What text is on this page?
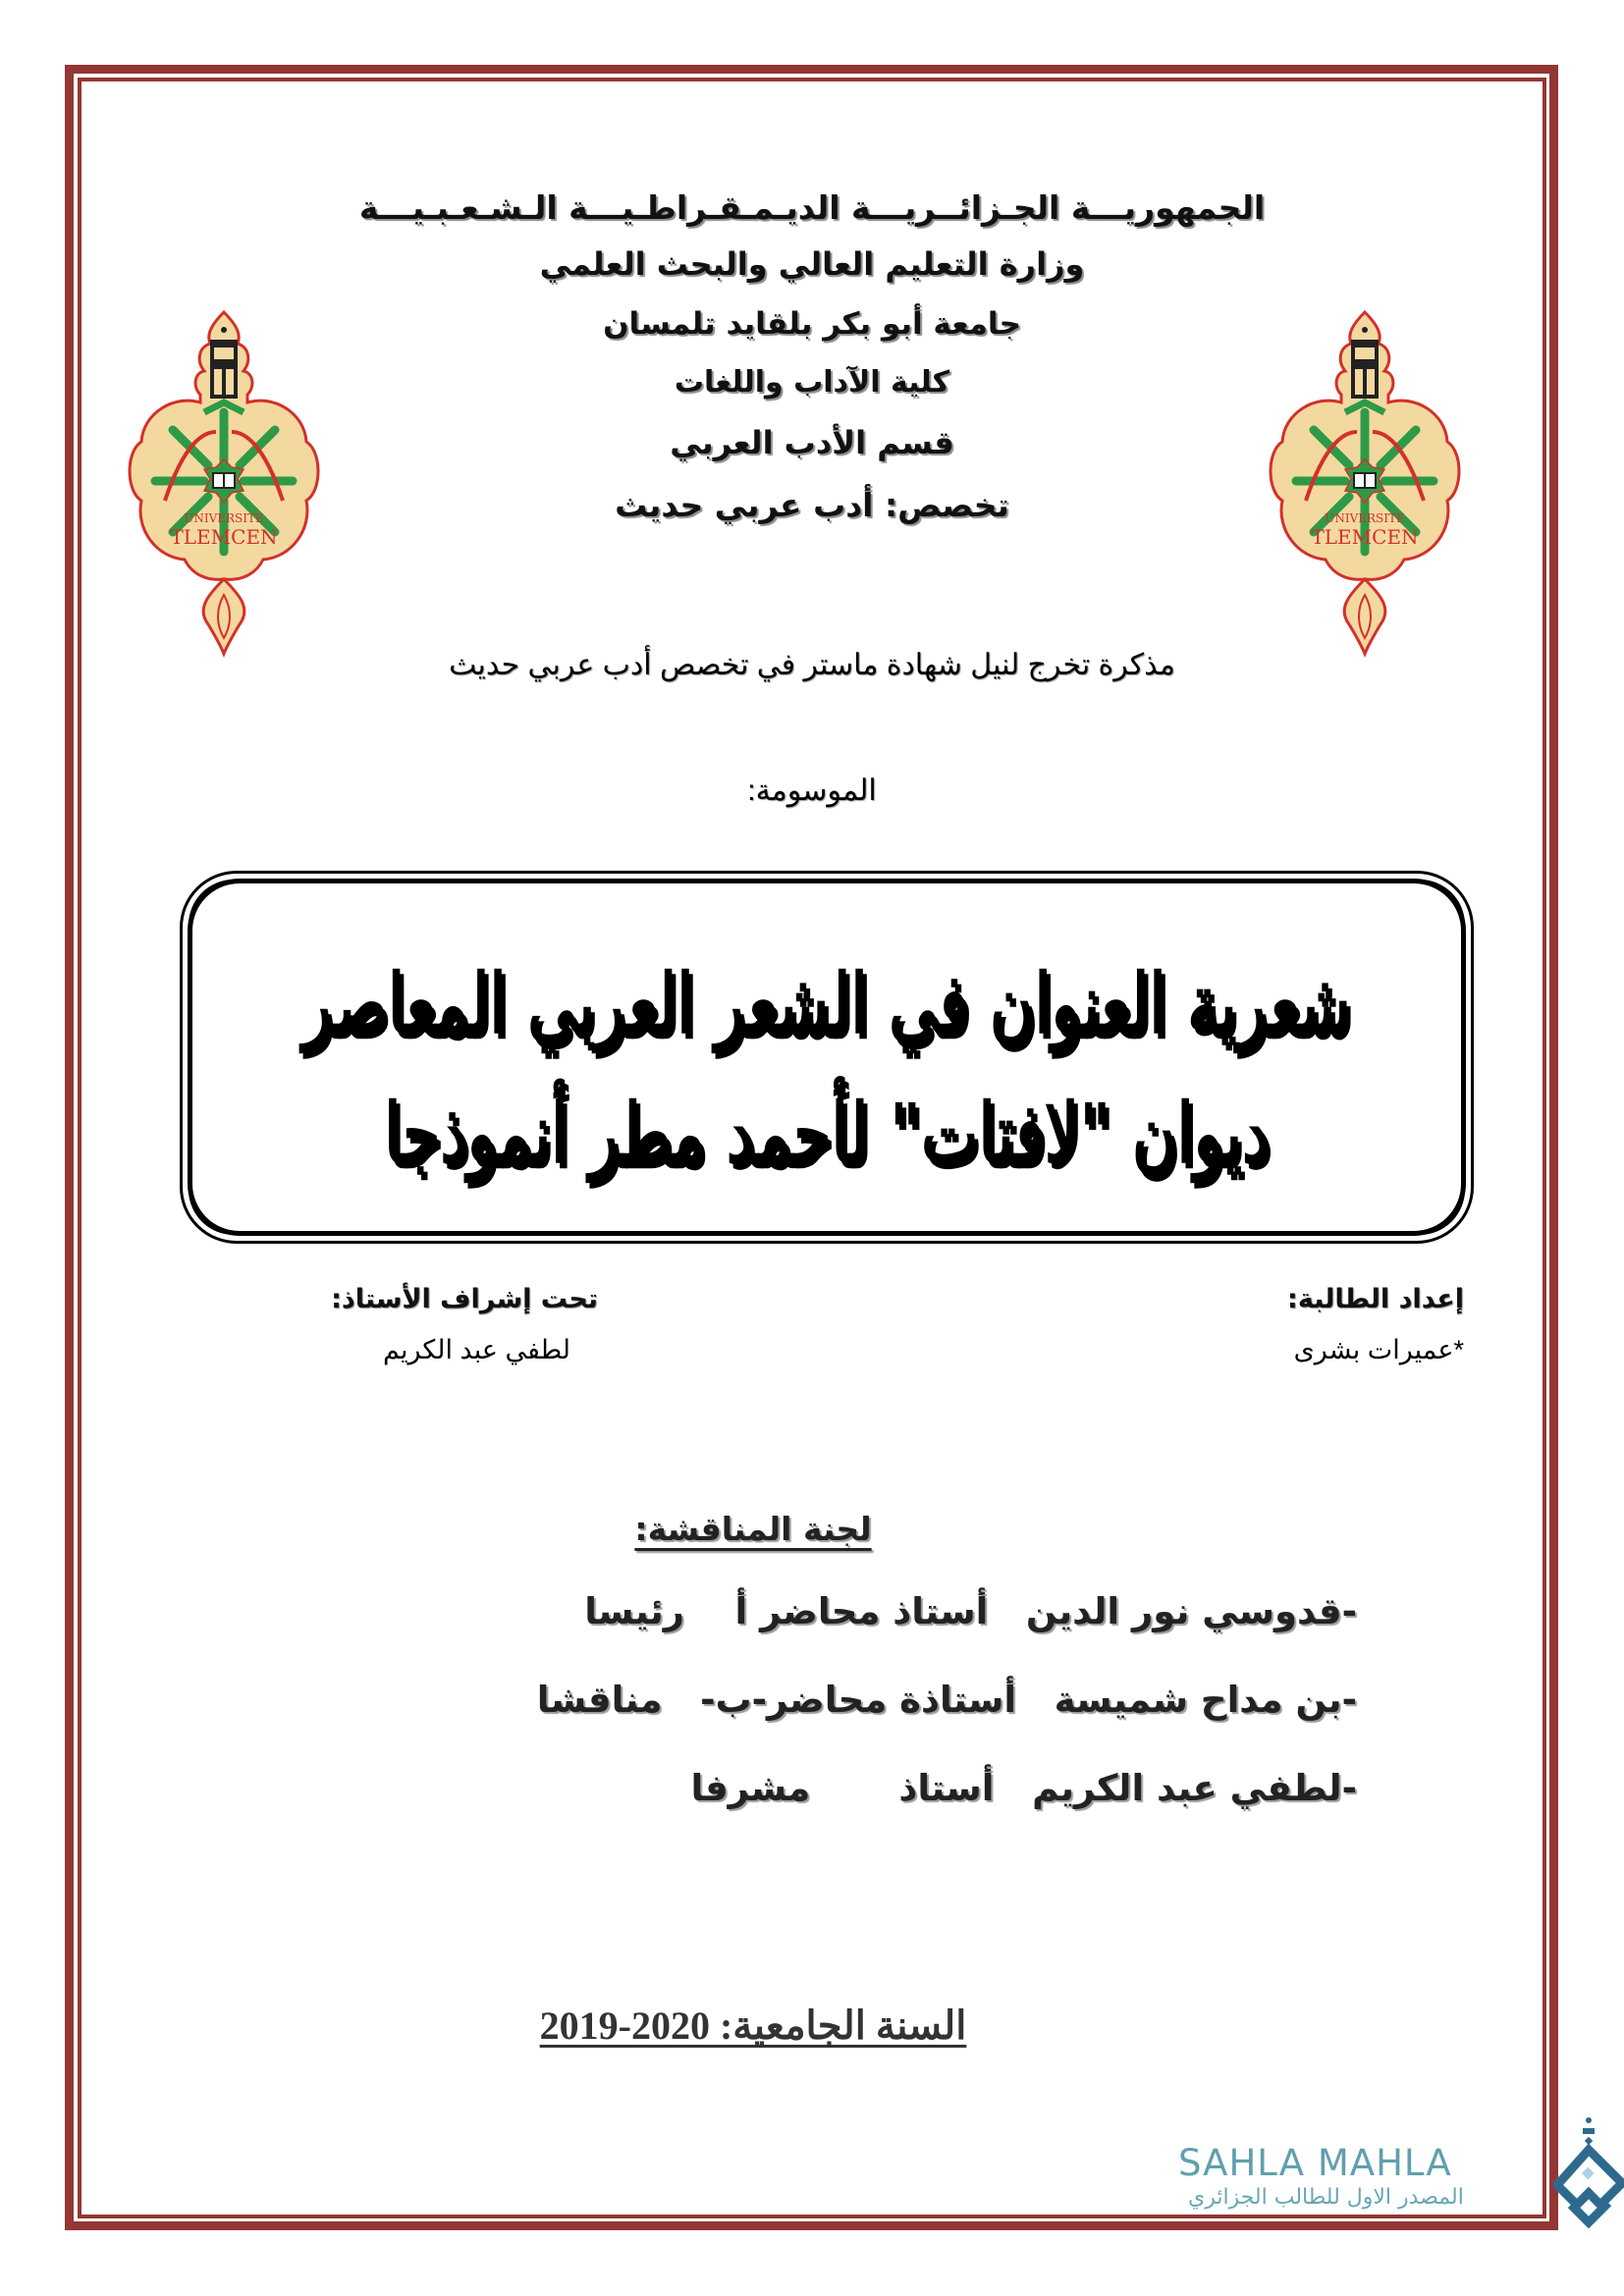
الجمهوريـــة الجـزائــريـــة الديـمـقـراطـيـــة الـشـعـبـيـــة
وزارة التعليم العالي والبحث العلمي
جامعة أبو بكر بلقايد تلمسان
كلية الآداب واللغات
قسم الأدب العربي
تخصص: أدب عربي حديث
UNIVERSITE
TLEMCEN
UNIVERSITE
TLEMCEN
مذكرة تخرج لنيل شهادة ماستر في تخصص أدب عربي حديث
الموسومة:
شعرية العنوان في الشعر العربي المعاصر
ديوان "لافتات" لأحمد مطر أنموذجا
إعداد الطالبة:
*عميرات بشرى
تحت إشراف الأستاذ:
لطفي عبد الكريم
لجنة المناقشة:
-قدوسي نور الدين   أستاذ محاضر أ    رئيسا
-بن مداح شميسة   أستاذة محاضر-ب-   مناقشا
-لطفي عبد الكريم   أستاذ       مشرفا
السنة الجامعية: 2019-2020
SAHLA MAHLA
المصدر الاول للطالب الجزائري
